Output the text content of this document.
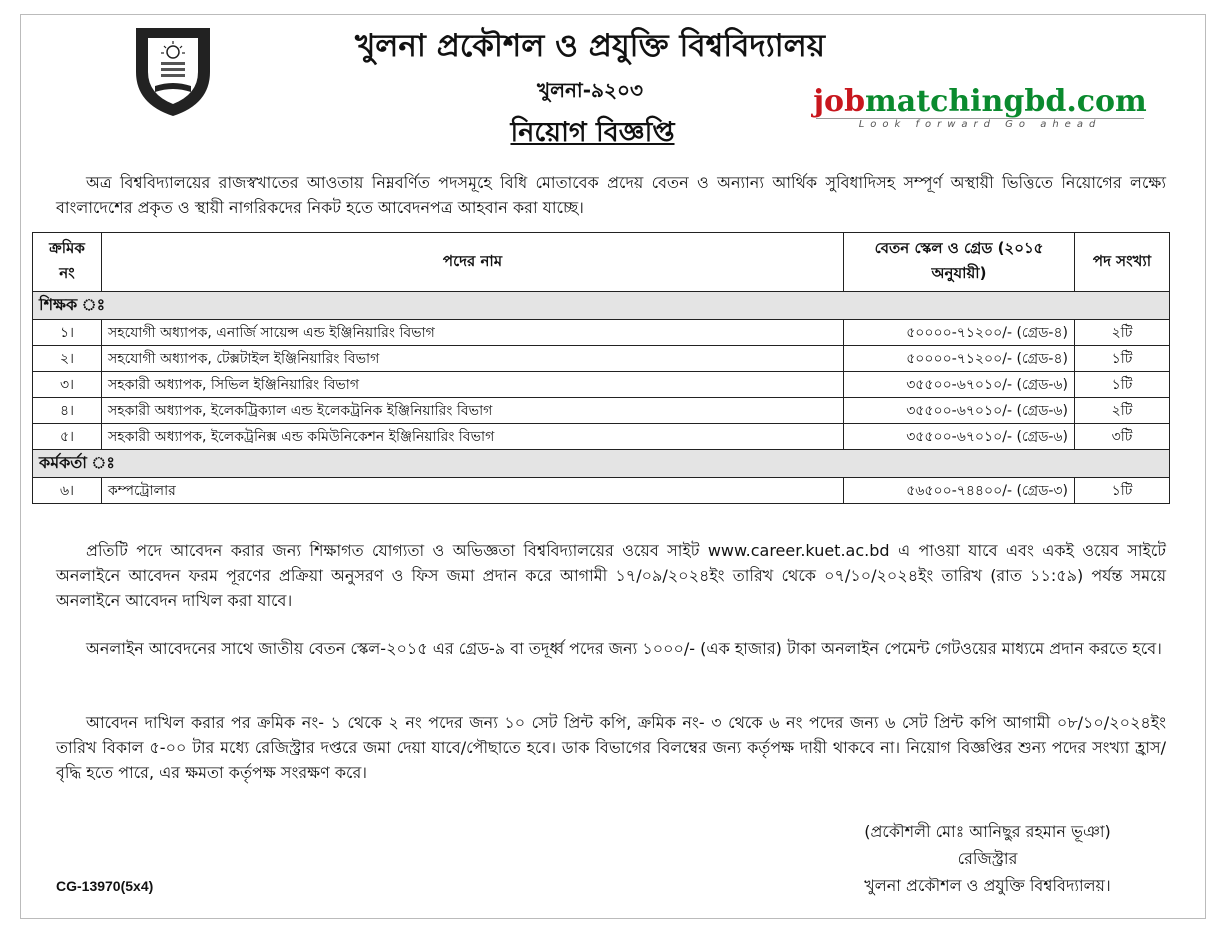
খুলনা প্রকৌশল ও প্রযুক্তি বিশ্ববিদ্যালয়
খুলনা-৯২০৩
নিয়োগ বিজ্ঞপ্তি
jobmatchingbd.com
Look forward Go ahead
অত্র বিশ্ববিদ্যালয়ের রাজস্বখাতের আওতায় নিম্নবর্ণিত পদসমূহে বিধি মোতাবেক প্রদেয় বেতন ও অন্যান্য আর্থিক সুবিধাদিসহ সম্পূর্ণ অস্থায়ী ভিত্তিতে নিয়োগের লক্ষ্যে বাংলাদেশের প্রকৃত ও স্থায়ী নাগরিকদের নিকট হতে আবেদনপত্র আহবান করা যাচ্ছে।
ক্রমিক নং	পদের নাম	বেতন স্কেল ও গ্রেড (২০১৫ অনুযায়ী)	পদ সংখ্যা
শিক্ষক ঃ			
১।	সহযোগী অধ্যাপক, এনার্জি সায়েন্স এন্ড ইঞ্জিনিয়ারিং বিভাগ	৫০০০০-৭১২০০/- (গ্রেড-৪)	২টি
২।	সহযোগী অধ্যাপক, টেক্সটাইল ইঞ্জিনিয়ারিং বিভাগ	৫০০০০-৭১২০০/- (গ্রেড-৪)	১টি
৩।	সহকারী অধ্যাপক, সিভিল ইঞ্জিনিয়ারিং বিভাগ	৩৫৫০০-৬৭০১০/- (গ্রেড-৬)	১টি
৪।	সহকারী অধ্যাপক, ইলেকট্রিক্যাল এন্ড ইলেকট্রনিক ইঞ্জিনিয়ারিং বিভাগ	৩৫৫০০-৬৭০১০/- (গ্রেড-৬)	২টি
৫।	সহকারী অধ্যাপক, ইলেকট্রনিক্স এন্ড কমিউনিকেশন ইঞ্জিনিয়ারিং বিভাগ	৩৫৫০০-৬৭০১০/- (গ্রেড-৬)	৩টি
কর্মকর্তা ঃ			
৬।	কম্পট্রোলার	৫৬৫০০-৭৪৪০০/- (গ্রেড-৩)	১টি
প্রতিটি পদে আবেদন করার জন্য শিক্ষাগত যোগ্যতা ও অভিজ্ঞতা বিশ্ববিদ্যালয়ের ওয়েব সাইট www.career.kuet.ac.bd এ পাওয়া যাবে এবং একই ওয়েব সাইটে অনলাইনে আবেদন ফরম পূরণের প্রক্রিয়া অনুসরণ ও ফিস জমা প্রদান করে আগামী ১৭/০৯/২০২৪ইং তারিখ থেকে ০৭/১০/২০২৪ইং তারিখ (রাত ১১:৫৯) পর্যন্ত সময়ে অনলাইনে আবেদন দাখিল করা যাবে।
অনলাইন আবেদনের সাথে জাতীয় বেতন স্কেল-২০১৫ এর গ্রেড-৯ বা তদূর্ধ্ব পদের জন্য ১০০০/- (এক হাজার) টাকা অনলাইন পেমেন্ট গেটওয়ের মাধ্যমে প্রদান করতে হবে।
আবেদন দাখিল করার পর ক্রমিক নং- ১ থেকে ২ নং পদের জন্য ১০ সেট প্রিন্ট কপি, ক্রমিক নং- ৩ থেকে ৬ নং পদের জন্য ৬ সেট প্রিন্ট কপি আগামী ০৮/১০/২০২৪ইং তারিখ বিকাল ৫-০০ টার মধ্যে রেজিস্ট্রার দপ্তরে জমা দেয়া যাবে/পৌছাতে হবে। ডাক বিভাগের বিলম্বের জন্য কর্তৃপক্ষ দায়ী থাকবে না। নিয়োগ বিজ্ঞপ্তির শুন্য পদের সংখ্যা হ্রাস/বৃদ্ধি হতে পারে, এর ক্ষমতা কর্তৃপক্ষ সংরক্ষণ করে।
(প্রকৌশলী মোঃ আনিছুর রহমান ভূঞা)
রেজিস্ট্রার
খুলনা প্রকৌশল ও প্রযুক্তি বিশ্ববিদ্যালয়।
CG-13970(5x4)
